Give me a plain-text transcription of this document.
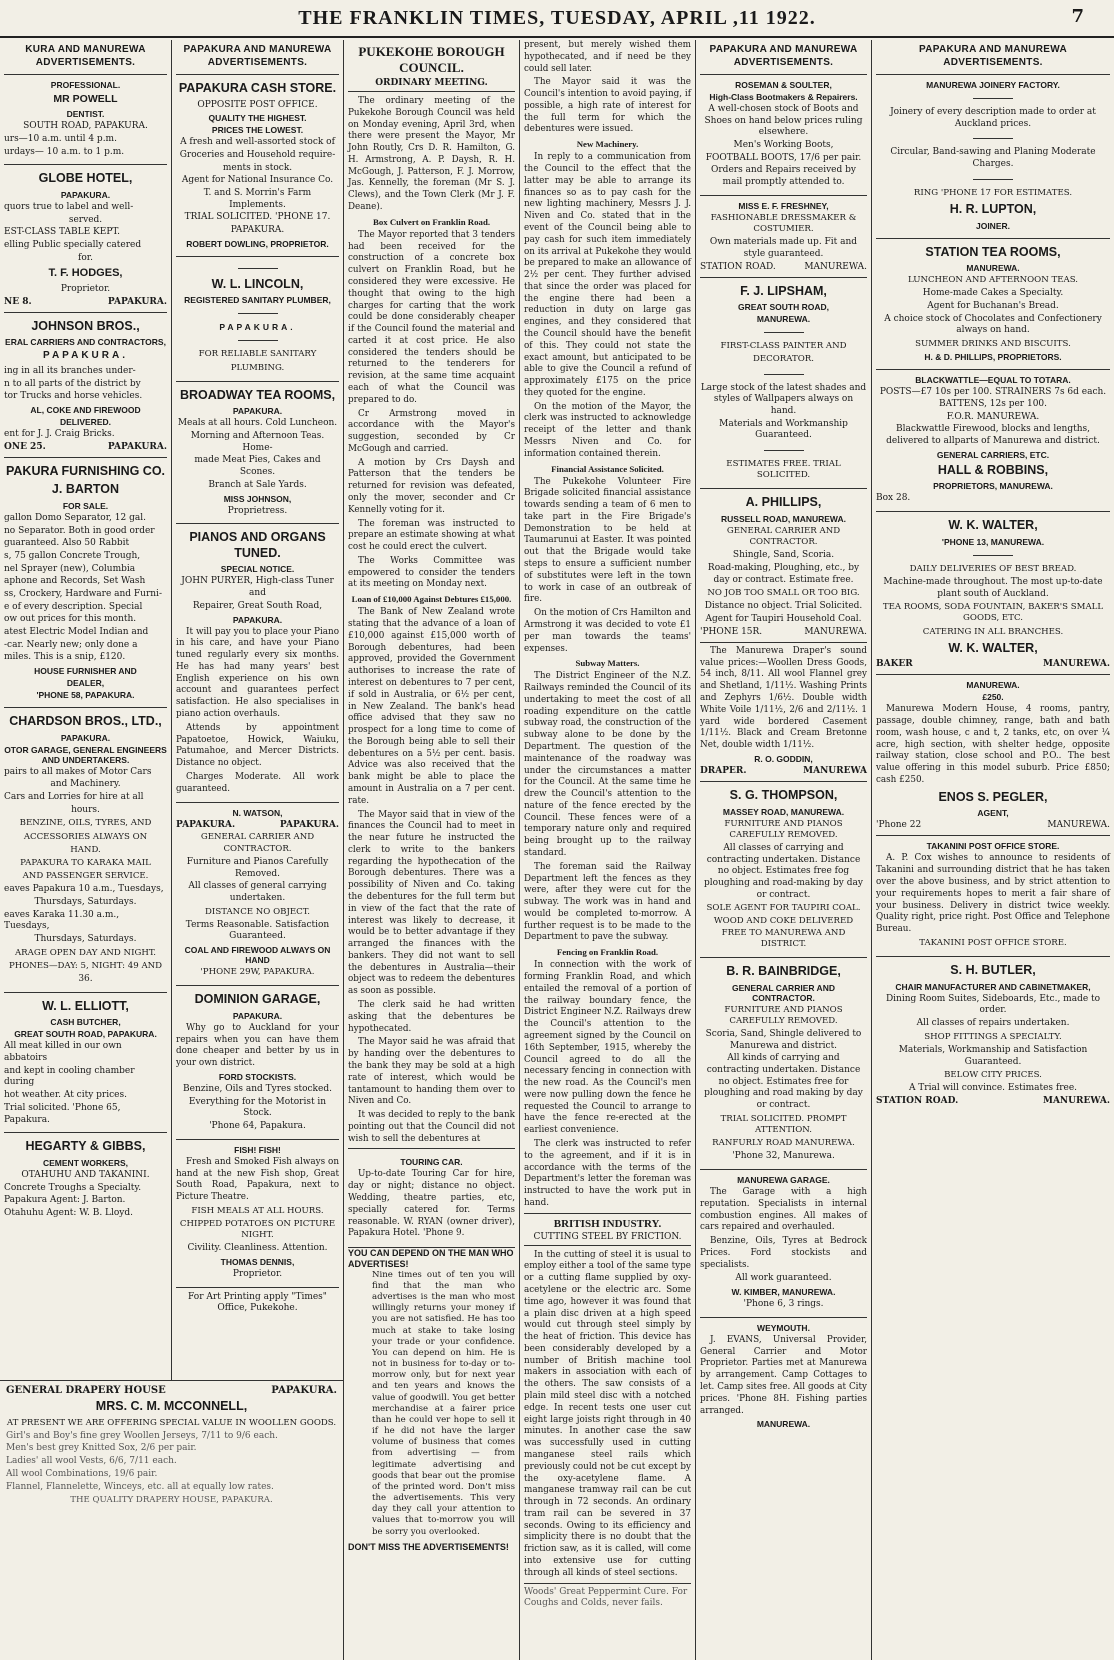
THE FRANKLIN TIMES, TUESDAY, APRIL ,11 1922.	7
KURA AND MANUREWA ADVERTISEMENTS.
PROFESSIONAL.
MR POWELL
DENTIST.
SOUTH ROAD, PAPAKURA.
urs—10 a.m. until 4 p.m.
urdays— 10 a.m. to 1 p.m.
GLOBE HOTEL,
PAPAKURA.
quors true to label and well-
served.
EST-CLASS TABLE KEPT.
elling Public specially catered
for.
T. F. HODGES,
Proprietor.
NE 8.	PAPAKURA.
JOHNSON BROS.,
ERAL CARRIERS AND CONTRACTORS,
PAPAKURA.
ing in all its branches under-
n to all parts of the district by
tor Trucks and horse vehicles.
AL, COKE AND FIREWOOD
DELIVERED.
ent for J. J. Craig Bricks.
ONE 25.	PAPAKURA.
PAKURA FURNISHING CO.
J. BARTON
FOR SALE.
gallon Domo Separator, 12 gal.
no Separator. Both in good order
guaranteed. Also 50 Rabbit
s, 75 gallon Concrete Trough,
nel Sprayer (new), Columbia
aphone and Records, Set Wash
ss, Crockery, Hardware and Furni-
e of every description. Special
ow out prices for this month.
atest Electric Model Indian and
-car. Nearly new; only done a
miles. This is a snip, £120.
HOUSE FURNISHER AND
DEALER,
'PHONE 58, PAPAKURA.
CHARDSON BROS., LTD.,
PAPAKURA.
OTOR GARAGE, GENERAL ENGINEERS AND UNDERTAKERS.
pairs to all makes of Motor Cars
and Machinery.
Cars and Lorries for hire at all
hours.
BENZINE, OILS, TYRES, AND
ACCESSORIES ALWAYS ON
HAND.
PAPAKURA TO KARAKA MAIL
AND PASSENGER SERVICE.
eaves Papakura 10 a.m., Tuesdays,
Thursdays, Saturdays.
eaves Karaka 11.30 a.m., Tuesdays,
Thursdays, Saturdays.
ARAGE OPEN DAY AND NIGHT.
PHONES—DAY: 5, NIGHT: 49 AND
36.
W. L. ELLIOTT,
CASH BUTCHER,
GREAT SOUTH ROAD, PAPAKURA.
All meat killed in our own abbatoirs
and kept in cooling chamber during
hot weather. At city prices.
Trial solicited. 'Phone 65, Papakura.
HEGARTY & GIBBS,
CEMENT WORKERS,
OTAHUHU AND TAKANINI.
Concrete Troughs a Specialty.
Papakura Agent: J. Barton.
Otahuhu Agent: W. B. Lloyd.
PAPAKURA AND MANUREWA ADVERTISEMENTS.
PAPAKURA CASH STORE.
OPPOSITE POST OFFICE.
QUALITY THE HIGHEST.
PRICES THE LOWEST.
A fresh and well-assorted stock of
Groceries and Household require-
ments in stock.
Agent for National Insurance Co.
T. and S. Morrin's Farm Implements.
TRIAL SOLICITED. 'PHONE 17.
PAPAKURA.
ROBERT DOWLING, PROPRIETOR.
W. L. LINCOLN,
REGISTERED SANITARY PLUMBER,
PAPAKURA.
FOR RELIABLE SANITARY
PLUMBING.
BROADWAY TEA ROOMS,
PAPAKURA.
Meals at all hours. Cold Luncheon.
Morning and Afternoon Teas. Home-
made Meat Pies, Cakes and Scones.
Branch at Sale Yards.
MISS JOHNSON,
Proprietress.
PIANOS AND ORGANS TUNED.
SPECIAL NOTICE.
JOHN PURYER, High-class Tuner and
Repairer, Great South Road,
PAPAKURA.
It will pay you to place your Piano in his care, and have your Piano tuned regularly every six months. He has had many years' best English experience on his own account and guarantees perfect satisfaction. He also specialises in piano action overhauls.
Attends by appointment Papatoetoe, Howick, Waiuku, Patumahoe, and Mercer Districts. Distance no object.
Charges Moderate. All work guaranteed.
N. WATSON,
PAPAKURA.	PAPAKURA.
GENERAL CARRIER AND CONTRACTOR.
Furniture and Pianos Carefully Removed.
All classes of general carrying undertaken.
DISTANCE NO OBJECT.
Terms Reasonable. Satisfaction Guaranteed.
COAL AND FIREWOOD ALWAYS ON HAND
'PHONE 29W, PAPAKURA.
DOMINION GARAGE,
PAPAKURA.
Why go to Auckland for your repairs when you can have them done cheaper and better by us in your own district.
FORD STOCKISTS.
Benzine, Oils and Tyres stocked.
Everything for the Motorist in Stock.
'Phone 64, Papakura.
FISH! FISH!
Fresh and Smoked Fish always on hand at the new Fish shop, Great South Road, Papakura, next to Picture Theatre.
FISH MEALS AT ALL HOURS.
CHIPPED POTATOES ON PICTURE NIGHT.
Civility. Cleanliness. Attention.
THOMAS DENNIS,
Proprietor.
For Art Printing apply "Times" Office, Pukekohe.
PUKEKOHE BOROUGH COUNCIL.
ORDINARY MEETING.

The ordinary meeting of the Pukekohe Borough Council was held on Monday evening, April 3rd, when there were present the Mayor, Mr John Routly, Crs D. R. Hamilton, G. H. Armstrong, A. P. Daysh, R. H. McGough, J. Patterson, F. J. Morrow, Jas. Kennelly, the foreman (Mr S. J. Clews), and the Town Clerk (Mr J. F. Deane).

Box Culvert on Franklin Road.

The Mayor reported that 3 tenders had been received for the construction of a concrete box culvert on Franklin Road, but he considered they were excessive. He thought that owing to the high charges for carting that the work could be done considerably cheaper if the Council found the material and carted it at cost price. He also considered the tenders should be returned to the tenderers for revision, at the same time acquaint each of what the Council was prepared to do.

Cr Armstrong moved in accordance with the Mayor's suggestion, seconded by Cr McGough and carried.

A motion by Crs Daysh and Patterson that the tenders be returned for revision was defeated, only the mover, seconder and Cr Kennelly voting for it.

The foreman was instructed to prepare an estimate showing at what cost he could erect the culvert.

The Works Committee was empowered to consider the tenders at its meeting on Monday next.

Loan of £10,000 Against Debtures £15,000.

The Bank of New Zealand wrote stating that the advance of a loan of £10,000 against £15,000 worth of Borough debentures, had been approved, provided the Government authorises to increase the rate of interest on debentures to 7 per cent, if sold in Australia, or 6½ per cent, in New Zealand. The bank's head office advised that they saw no prospect for a long time to come of the Borough being able to sell their debentures on a 5½ per cent. basis. Advice was also received that the bank might be able to place the amount in Australia on a 7 per cent. rate.

The Mayor said that in view of the finances the Council had to meet in the near future he instructed the clerk to write to the bankers regarding the hypothecation of the Borough debentures. There was a possibility of Niven and Co. taking the debentures for the full term but in view of the fact that the rate of interest was likely to decrease, it would be to better advantage if they arranged the finances with the bankers. They did not want to sell the debentures in Australia—their object was to redeem the debentures as soon as possible.

The clerk said he had written asking that the debentures be hypothecated.

The Mayor said he was afraid that by handing over the debentures to the bank they may be sold at a high rate of interest, which would be tantamount to handing them over to Niven and Co.

It was decided to reply to the bank pointing out that the Council did not wish to sell the debentures at

TOURING CAR.
Up-to-date Touring Car for hire, day or night; distance no object. Wedding, theatre parties, etc, specially catered for. Terms reasonable. W. RYAN (owner driver), Papakura Hotel. 'Phone 9.
YOU CAN DEPEND ON THE MAN WHO ADVERTISES!
Nine times out of ten you will find that the man who advertises is the man who most willingly returns your money if you are not satisfied. He has too much at stake to take losing your trade or your confidence. You can depend on him. He is not in business for to-day or to-morrow only, but for next year and ten years and knows the value of goodwill. You get better merchandise at a fairer price than he could ver hope to sell it if he did not have the larger volume of business that comes from advertising — from legitimate advertising and goods that bear out the promise of the printed word. Don't miss the advertisements. This very day they call your attention to values that to-morrow you will be sorry you overlooked.
DON'T MISS THE ADVERTISEMENTS!

present, but merely wished them hypothecated, and if need be they could sell later.

The Mayor said it was the Council's intention to avoid paying, if possible, a high rate of interest for the full term for which the debentures were issued.

New Machinery.

In reply to a communication from the Council to the effect that the latter may be able to arrange its finances so as to pay cash for the new lighting machinery, Messrs J. J. Niven and Co. stated that in the event of the Council being able to pay cash for such item immediately on its arrival at Pukekohe they would be prepared to make an allowance of 2½ per cent. They further advised that since the order was placed for the engine there had been a reduction in duty on large gas engines, and they considered that the Council should have the benefit of this. They could not state the exact amount, but anticipated to be able to give the Council a refund of approximately £175 on the price they quoted for the engine.

On the motion of the Mayor, the clerk was instructed to acknowledge receipt of the letter and thank Messrs Niven and Co. for information contained therein.

Financial Assistance Solicited.

The Pukekohe Volunteer Fire Brigade solicited financial assistance towards sending a team of 6 men to take part in the Fire Brigade's Demonstration to be held at Taumarunui at Easter. It was pointed out that the Brigade would take steps to ensure a sufficient number of substitutes were left in the town to work in case of an outbreak of fire.

On the motion of Crs Hamilton and Armstrong it was decided to vote £1 per man towards the teams' expenses.

Subway Matters.

The District Engineer of the N.Z. Railways reminded the Council of its undertaking to meet the cost of all roading expenditure on the cattle subway road, the construction of the subway alone to be done by the Department. The question of the maintenance of the roadway was under the circumstances a matter for the Council. At the same time he drew the Council's attention to the nature of the fence erected by the Council. These fences were of a temporary nature only and required being brought up to the railway standard.

The foreman said the Railway Department left the fences as they were, after they were cut for the subway. The work was in hand and would be completed to-morrow. A further request is to be made to the Department to pave the subway.

Fencing on Franklin Road.

In connection with the work of forming Franklin Road, and which entailed the removal of a portion of the railway boundary fence, the District Engineer N.Z. Railways drew the Council's attention to the agreement signed by the Council on 16th September, 1915, whereby the Council agreed to do all the necessary fencing in connection with the new road. As the Council's men were now pulling down the fence he requested the Council to arrange to have the fence re-erected at the earliest convenience.

The clerk was instructed to refer to the agreement, and if it is in accordance with the terms of the Department's letter the foreman was instructed to have the work put in hand.

BRITISH INDUSTRY.
CUTTING STEEL BY FRICTION.

In the cutting of steel it is usual to employ either a tool of the same type or a cutting flame supplied by oxy-acetylene or the electric arc. Some time ago, however it was found that a plain disc driven at a high speed would cut through steel simply by the heat of friction. This device has been considerably developed by a number of British machine tool makers in association with each of the others. The saw consists of a plain mild steel disc with a notched edge. In recent tests one user cut eight large joists right through in 40 minutes. In another case the saw was successfully used in cutting manganese steel rails which previously could not be cut except by the oxy-acetylene flame. A manganese tramway rail can be cut through in 72 seconds. An ordinary tram rail can be severed in 37 seconds. Owing to its efficiency and simplicity there is no doubt that the friction saw, as it is called, will come into extensive use for cutting through all kinds of steel sections.

Woods' Great Peppermint Cure. For Coughs and Colds, never fails.
PAPAKURA AND MANUREWA ADVERTISEMENTS.
ROSEMAN & SOULTER,
High-Class Bootmakers & Repairers.
A well-chosen stock of Boots and Shoes on hand below prices ruling elsewhere.
Men's Working Boots,
FOOTBALL BOOTS, 17/6 per pair.
Orders and Repairs received by mail promptly attended to.
MISS E. F. FRESHNEY,
FASHIONABLE DRESSMAKER & COSTUMIER.
Own materials made up. Fit and style guaranteed.
STATION ROAD.	MANUREWA.
F. J. LIPSHAM,
GREAT SOUTH ROAD,
MANUREWA.
FIRST-CLASS PAINTER AND
DECORATOR.
Large stock of the latest shades and styles of Wallpapers always on hand.
Materials and Workmanship Guaranteed.
ESTIMATES FREE. TRIAL SOLICITED.
A. PHILLIPS,
RUSSELL ROAD, MANUREWA.
GENERAL CARRIER AND CONTRACTOR.
Shingle, Sand, Scoria.
Road-making, Ploughing, etc., by day or contract. Estimate free.
NO JOB TOO SMALL OR TOO BIG.
Distance no object. Trial Solicited.
Agent for Taupiri Household Coal.
'PHONE 15R.	MANUREWA.
The Manurewa Draper's sound value prices:—Woollen Dress Goods, 54 inch, 8/11. All wool Flannel grey and Shetland, 1/11½. Washing Prints and Zephyrs 1/6½. Double width White Voile 1/11½, 2/6 and 2/11½. 1 yard wide bordered Casement 1/11½. Black and Cream Bretonne Net, double width 1/11½.
R. O. GODDIN,
DRAPER.	MANUREWA
S. G. THOMPSON,
MASSEY ROAD, MANUREWA.
FURNITURE AND PIANOS CAREFULLY REMOVED.
All classes of carrying and contracting undertaken. Distance no object. Estimates free fog ploughing and road-making by day or contract.
SOLE AGENT FOR TAUPIRI COAL.
WOOD AND COKE DELIVERED FREE TO MANUREWA AND DISTRICT.
B. R. BAINBRIDGE,
GENERAL CARRIER AND CONTRACTOR.
FURNITURE AND PIANOS CAREFULLY REMOVED.
Scoria, Sand, Shingle delivered to Manurewa and district.
All kinds of carrying and contracting undertaken. Distance no object. Estimates free for ploughing and road making by day or contract.
TRIAL SOLICITED. PROMPT ATTENTION.
RANFURLY ROAD MANUREWA.
'Phone 32, Manurewa.
MANUREWA GARAGE.
The Garage with a high reputation. Specialists in internal combustion engines. All makes of cars repaired and overhauled.
Benzine, Oils, Tyres at Bedrock Prices. Ford stockists and specialists.
All work guaranteed.
W. KIMBER, MANUREWA.
'Phone 6, 3 rings.
WEYMOUTH.
J. EVANS, Universal Provider, General Carrier and Motor Proprietor. Parties met at Manurewa by arrangement. Camp Cottages to let. Camp sites free. All goods at City prices. 'Phone 8H. Fishing parties arranged.
MANUREWA.
PAPAKURA AND MANUREWA ADVERTISEMENTS.
MANUREWA JOINERY FACTORY.
Joinery of every description made to order at Auckland prices.
Circular, Band-sawing and Planing Moderate Charges.
RING 'PHONE 17 FOR ESTIMATES.
H. R. LUPTON,
JOINER.
STATION TEA ROOMS,
MANUREWA.
LUNCHEON AND AFTERNOON TEAS.
Home-made Cakes a Specialty.
Agent for Buchanan's Bread.
A choice stock of Chocolates and Confectionery always on hand.
SUMMER DRINKS AND BISCUITS.
H. & D. PHILLIPS, PROPRIETORS.
BLACKWATTLE—EQUAL TO TOTARA.
POSTS—£7 10s per 100. STRAINERS 7s 6d each. BATTENS, 12s per 100.
F.O.R. MANUREWA.
Blackwattle Firewood, blocks and lengths, delivered to allparts of Manurewa and district.
GENERAL CARRIERS, ETC.
HALL & ROBBINS,
PROPRIETORS, MANUREWA.
Box 28.
W. K. WALTER,
'PHONE 13, MANUREWA.
DAILY DELIVERIES OF BEST BREAD.
Machine-made throughout. The most up-to-date plant south of Auckland.
TEA ROOMS, SODA FOUNTAIN, BAKER'S SMALL GOODS, ETC.
CATERING IN ALL BRANCHES.
W. K. WALTER,
BAKER	MANUREWA.
MANUREWA.
£250.
Manurewa Modern House, 4 rooms, pantry, passage, double chimney, range, bath and bath room, wash house, c and t, 2 tanks, etc, on over ¼ acre, high section, with shelter hedge, opposite railway station, close school and P.O.. The best value offering in this model suburb. Price £850; cash £250.
ENOS S. PEGLER,
AGENT,
'Phone 22	MANUREWA.
TAKANINI POST OFFICE STORE.
A. P. Cox wishes to announce to residents of Takanini and surrounding district that he has taken over the above business, and by strict attention to your requirements hopes to merit a fair share of your business. Delivery in district twice weekly. Quality right, price right. Post Office and Telephone Bureau.
TAKANINI POST OFFICE STORE.
S. H. BUTLER,
CHAIR MANUFACTURER AND CABINETMAKER,
Dining Room Suites, Sideboards, Etc., made to order.
All classes of repairs undertaken.
SHOP FITTINGS A SPECIALTY.
Materials, Workmanship and Satisfaction Guaranteed.
BELOW CITY PRICES.
A Trial will convince. Estimates free.
STATION ROAD.	MANUREWA.
GENERAL DRAPERY HOUSE	PAPAKURA.
MRS. C. M. MCCONNELL,
AT PRESENT WE ARE OFFERING SPECIAL VALUE IN WOOLLEN GOODS.
Girl's and Boy's fine grey Woollen Jerseys, 7/11 to 9/6 each.
Men's best grey Knitted Sox, 2/6 per pair.
Ladies' all wool Vests, 6/6, 7/11 each.
All wool Combinations, 19/6 pair.
Flannel, Flannelette, Winceys, etc. all at equally low rates.
THE QUALITY DRAPERY HOUSE, PAPAKURA.
